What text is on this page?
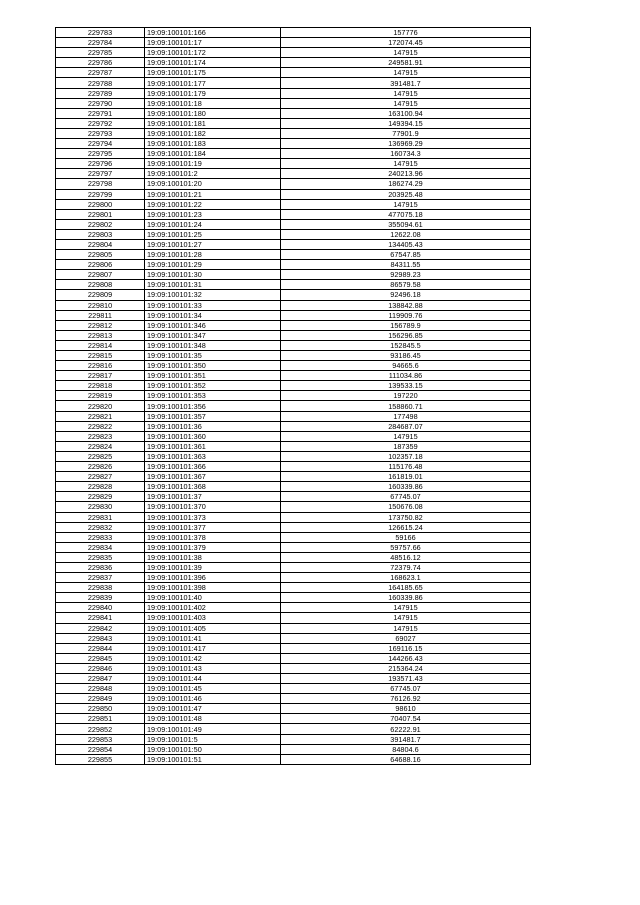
229783	19:09:100101:166	157776
229784	19:09:100101:17	172074.45
229785	19:09:100101:172	147915
229786	19:09:100101:174	249581.91
229787	19:09:100101:175	147915
229788	19:09:100101:177	391481.7
229789	19:09:100101:179	147915
229790	19:09:100101:18	147915
229791	19:09:100101:180	163100.94
229792	19:09:100101:181	149394.15
229793	19:09:100101:182	77901.9
229794	19:09:100101:183	136969.29
229795	19:09:100101:184	160734.3
229796	19:09:100101:19	147915
229797	19:09:100101:2	240213.96
229798	19:09:100101:20	186274.29
229799	19:09:100101:21	203925.48
229800	19:09:100101:22	147915
229801	19:09:100101:23	477075.18
229802	19:09:100101:24	355094.61
229803	19:09:100101:25	12622.08
229804	19:09:100101:27	134405.43
229805	19:09:100101:28	67547.85
229806	19:09:100101:29	84311.55
229807	19:09:100101:30	92989.23
229808	19:09:100101:31	86579.58
229809	19:09:100101:32	92496.18
229810	19:09:100101:33	138842.88
229811	19:09:100101:34	119909.76
229812	19:09:100101:346	156789.9
229813	19:09:100101:347	156296.85
229814	19:09:100101:348	152845.5
229815	19:09:100101:35	93186.45
229816	19:09:100101:350	94665.6
229817	19:09:100101:351	111034.86
229818	19:09:100101:352	139533.15
229819	19:09:100101:353	197220
229820	19:09:100101:356	158860.71
229821	19:09:100101:357	177498
229822	19:09:100101:36	284687.07
229823	19:09:100101:360	147915
229824	19:09:100101:361	187359
229825	19:09:100101:363	102357.18
229826	19:09:100101:366	115176.48
229827	19:09:100101:367	161819.01
229828	19:09:100101:368	160339.86
229829	19:09:100101:37	67745.07
229830	19:09:100101:370	150676.08
229831	19:09:100101:373	173750.82
229832	19:09:100101:377	126615.24
229833	19:09:100101:378	59166
229834	19:09:100101:379	59757.66
229835	19:09:100101:38	48516.12
229836	19:09:100101:39	72379.74
229837	19:09:100101:396	168623.1
229838	19:09:100101:398	164185.65
229839	19:09:100101:40	160339.86
229840	19:09:100101:402	147915
229841	19:09:100101:403	147915
229842	19:09:100101:405	147915
229843	19:09:100101:41	69027
229844	19:09:100101:417	169116.15
229845	19:09:100101:42	144266.43
229846	19:09:100101:43	215364.24
229847	19:09:100101:44	193571.43
229848	19:09:100101:45	67745.07
229849	19:09:100101:46	76126.92
229850	19:09:100101:47	98610
229851	19:09:100101:48	70407.54
229852	19:09:100101:49	62222.91
229853	19:09:100101:5	391481.7
229854	19:09:100101:50	84804.6
229855	19:09:100101:51	64688.16
